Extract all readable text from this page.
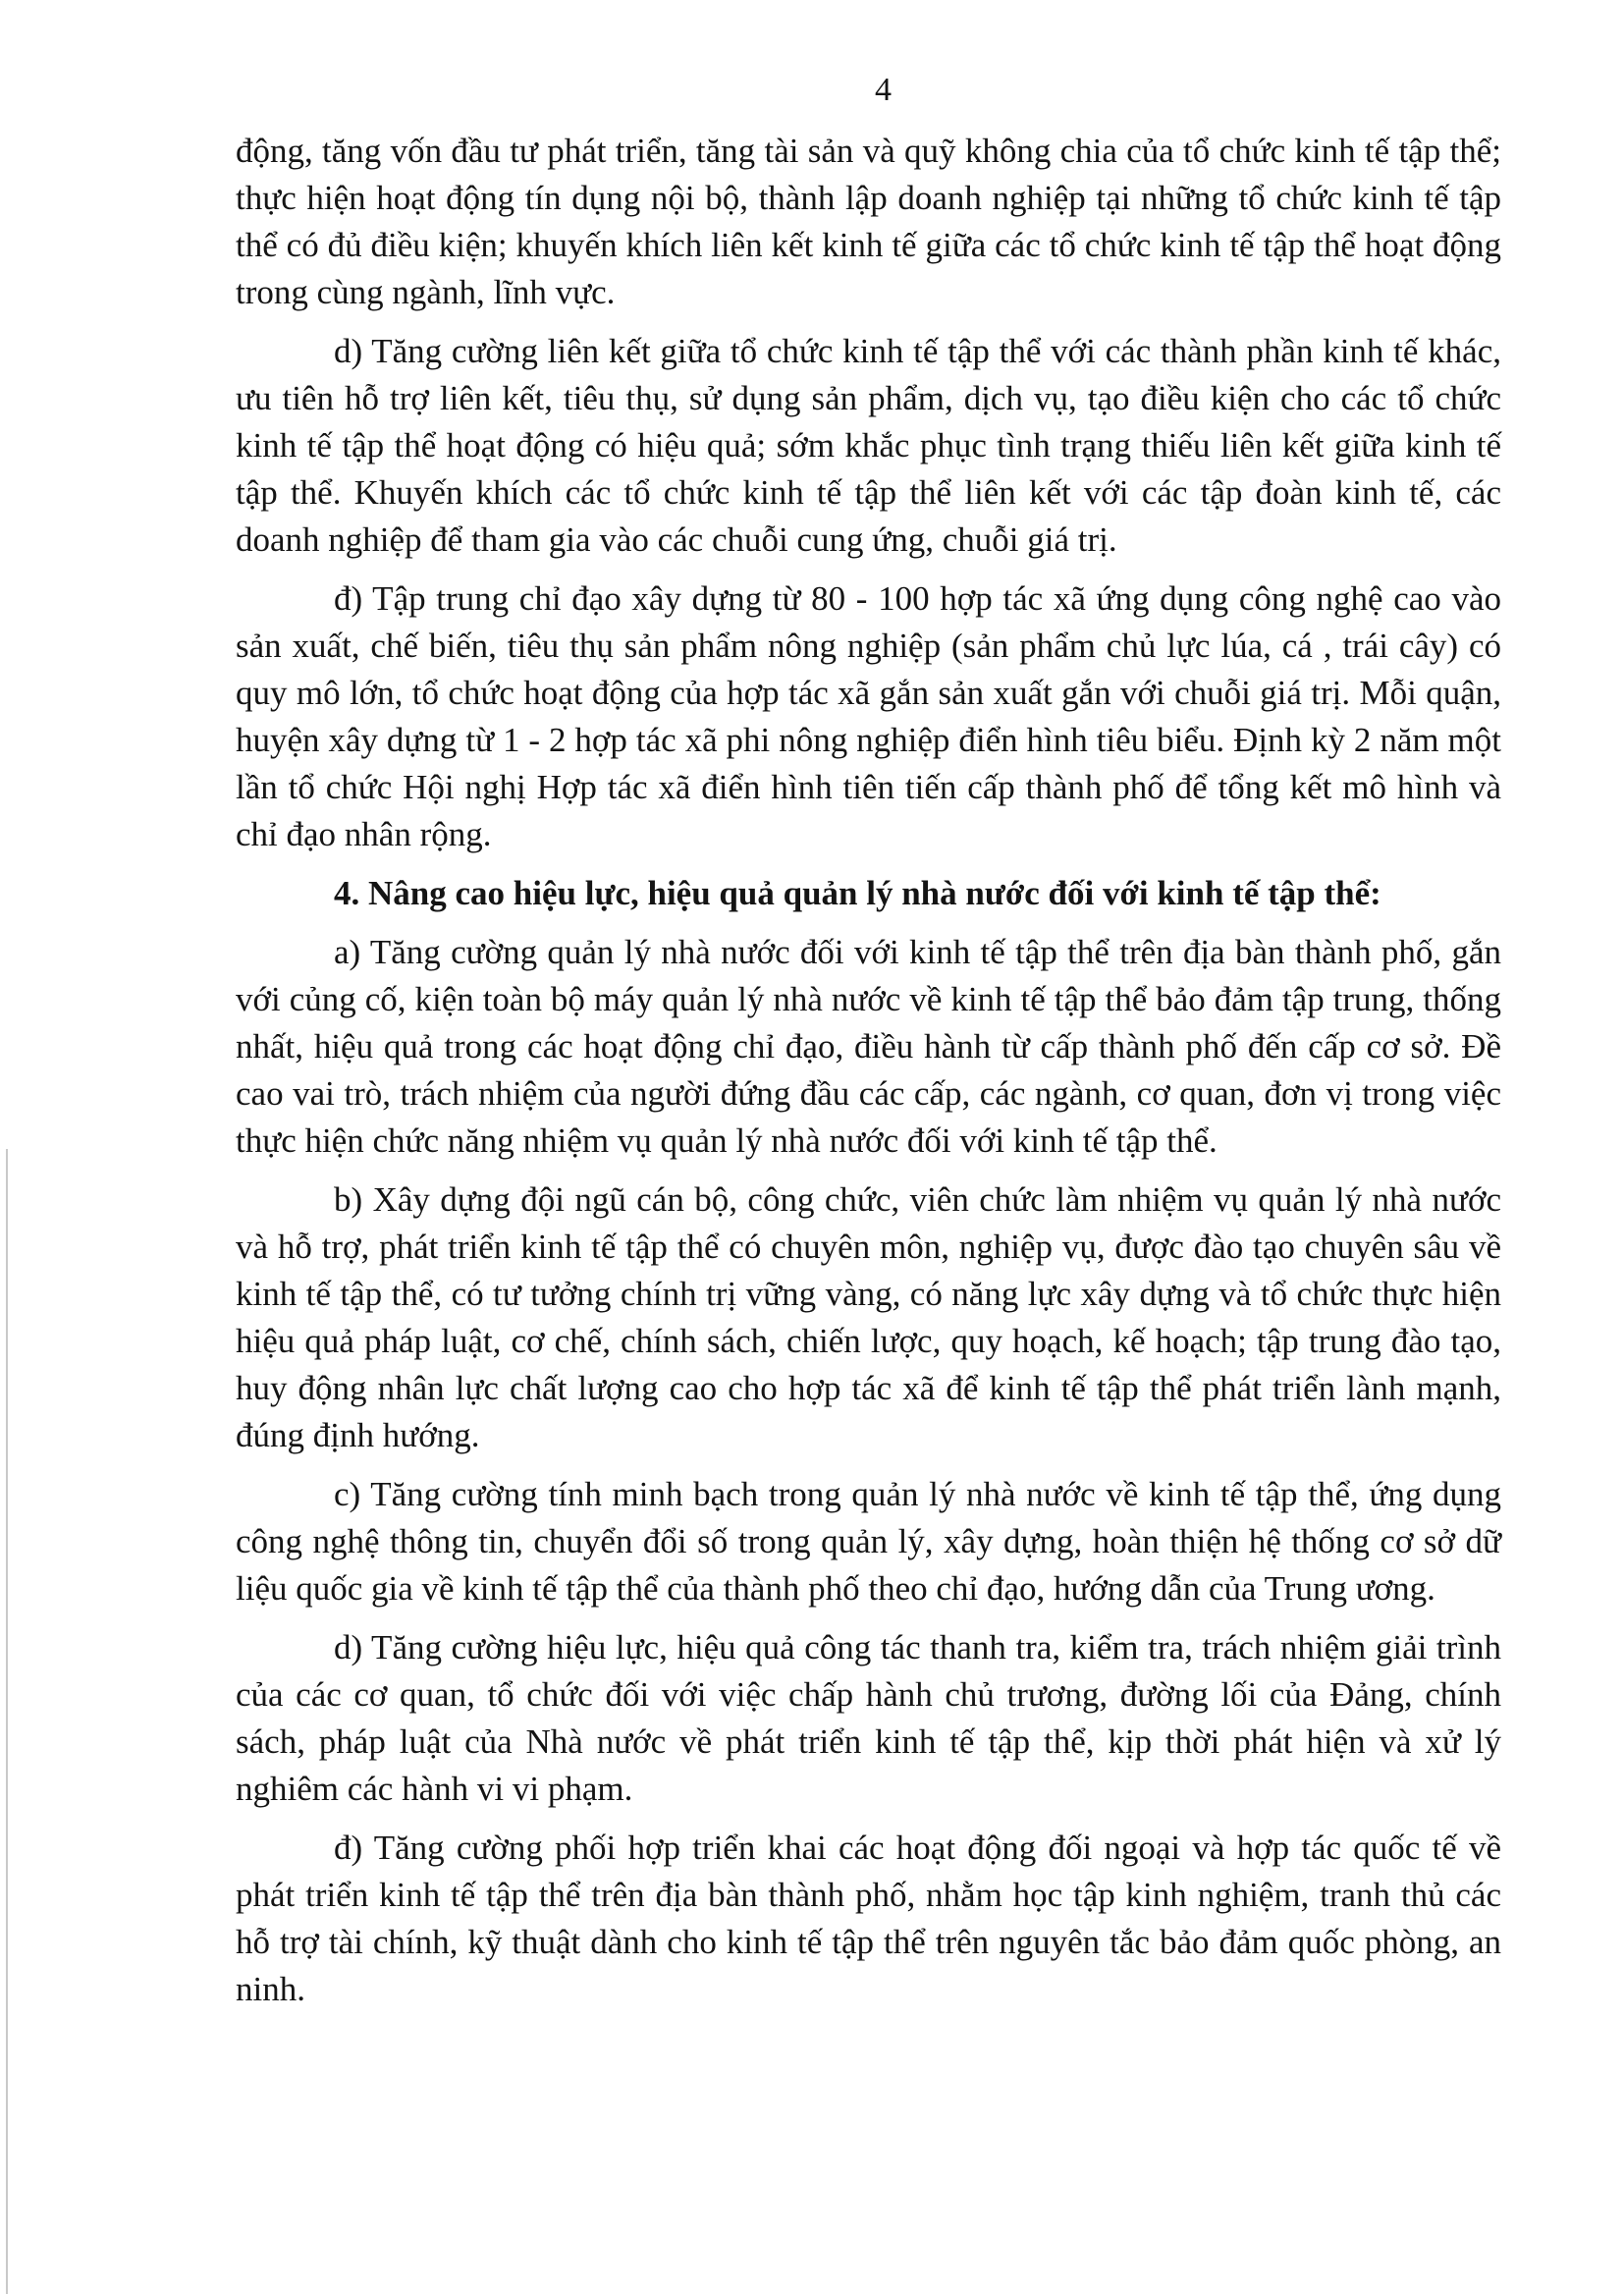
4

động, tăng vốn đầu tư phát triển, tăng tài sản và quỹ không chia của tổ chức kinh tế tập thể; thực hiện hoạt động tín dụng nội bộ, thành lập doanh nghiệp tại những tổ chức kinh tế tập thể có đủ điều kiện; khuyến khích liên kết kinh tế giữa các tổ chức kinh tế tập thể hoạt động trong cùng ngành, lĩnh vực.

d) Tăng cường liên kết giữa tổ chức kinh tế tập thể với các thành phần kinh tế khác, ưu tiên hỗ trợ liên kết, tiêu thụ, sử dụng sản phẩm, dịch vụ, tạo điều kiện cho các tổ chức kinh tế tập thể hoạt động có hiệu quả; sớm khắc phục tình trạng thiếu liên kết giữa kinh tế tập thể. Khuyến khích các tổ chức kinh tế tập thể liên kết với các tập đoàn kinh tế, các doanh nghiệp để tham gia vào các chuỗi cung ứng, chuỗi giá trị.

đ) Tập trung chỉ đạo xây dựng từ 80 - 100 hợp tác xã ứng dụng công nghệ cao vào sản xuất, chế biến, tiêu thụ sản phẩm nông nghiệp (sản phẩm chủ lực lúa, cá , trái cây) có quy mô lớn, tổ chức hoạt động của hợp tác xã gắn sản xuất gắn với chuỗi giá trị. Mỗi quận, huyện xây dựng từ 1 - 2 hợp tác xã phi nông nghiệp điển hình tiêu biểu. Định kỳ 2 năm một lần tổ chức Hội nghị Hợp tác xã điển hình tiên tiến cấp thành phố để tổng kết mô hình và chỉ đạo nhân rộng.

4. Nâng cao hiệu lực, hiệu quả quản lý nhà nước đối với kinh tế tập thể:

a) Tăng cường quản lý nhà nước đối với kinh tế tập thể trên địa bàn thành phố, gắn với củng cố, kiện toàn bộ máy quản lý nhà nước về kinh tế tập thể bảo đảm tập trung, thống nhất, hiệu quả trong các hoạt động chỉ đạo, điều hành từ cấp thành phố đến cấp cơ sở. Đề cao vai trò, trách nhiệm của người đứng đầu các cấp, các ngành, cơ quan, đơn vị trong việc thực hiện chức năng nhiệm vụ quản lý nhà nước đối với kinh tế tập thể.

b) Xây dựng đội ngũ cán bộ, công chức, viên chức làm nhiệm vụ quản lý nhà nước và hỗ trợ, phát triển kinh tế tập thể có chuyên môn, nghiệp vụ, được đào tạo chuyên sâu về kinh tế tập thể, có tư tưởng chính trị vững vàng, có năng lực xây dựng và tổ chức thực hiện hiệu quả pháp luật, cơ chế, chính sách, chiến lược, quy hoạch, kế hoạch; tập trung đào tạo, huy động nhân lực chất lượng cao cho hợp tác xã để kinh tế tập thể phát triển lành mạnh, đúng định hướng.

c) Tăng cường tính minh bạch trong quản lý nhà nước về kinh tế tập thể, ứng dụng công nghệ thông tin, chuyển đổi số trong quản lý, xây dựng, hoàn thiện hệ thống cơ sở dữ liệu quốc gia về kinh tế tập thể của thành phố theo chỉ đạo, hướng dẫn của Trung ương.

d) Tăng cường hiệu lực, hiệu quả công tác thanh tra, kiểm tra, trách nhiệm giải trình của các cơ quan, tổ chức đối với việc chấp hành chủ trương, đường lối của Đảng, chính sách, pháp luật của Nhà nước về phát triển kinh tế tập thể, kịp thời phát hiện và xử lý nghiêm các hành vi vi phạm.

đ) Tăng cường phối hợp triển khai các hoạt động đối ngoại và hợp tác quốc tế về phát triển kinh tế tập thể trên địa bàn thành phố, nhằm học tập kinh nghiệm, tranh thủ các hỗ trợ tài chính, kỹ thuật dành cho kinh tế tập thể trên nguyên tắc bảo đảm quốc phòng, an ninh.
